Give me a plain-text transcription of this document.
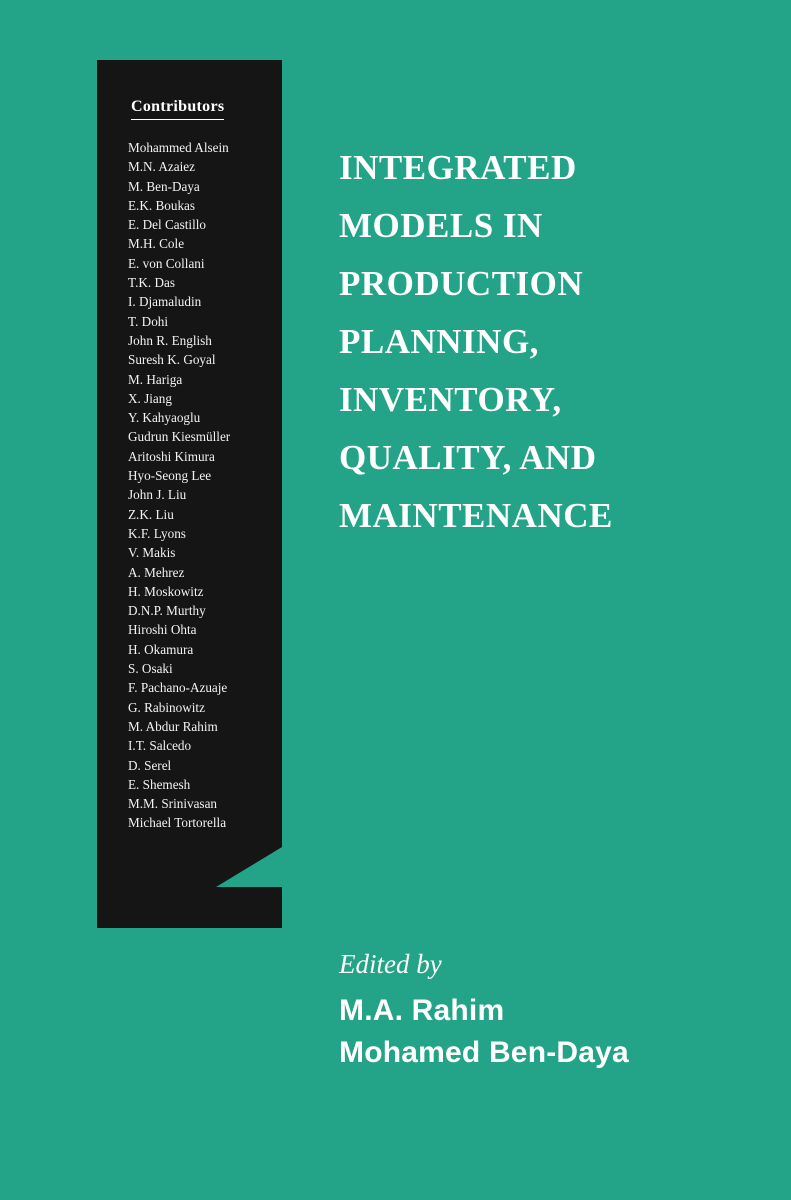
Contributors
Mohammed Alsein
M.N. Azaiez
M. Ben-Daya
E.K. Boukas
E. Del Castillo
M.H. Cole
E. von Collani
T.K. Das
I. Djamaludin
T. Dohi
John R. English
Suresh K. Goyal
M. Hariga
X. Jiang
Y. Kahyaoglu
Gudrun Kiesmüller
Aritoshi Kimura
Hyo-Seong Lee
John J. Liu
Z.K. Liu
K.F. Lyons
V. Makis
A. Mehrez
H. Moskowitz
D.N.P. Murthy
Hiroshi Ohta
H. Okamura
S. Osaki
F. Pachano-Azuaje
G. Rabinowitz
M. Abdur Rahim
I.T. Salcedo
D. Serel
E. Shemesh
M.M. Srinivasan
Michael Tortorella
INTEGRATED
MODELS IN
PRODUCTION
PLANNING,
INVENTORY,
QUALITY, AND
MAINTENANCE
Edited by
M.A. Rahim
Mohamed Ben-Daya
